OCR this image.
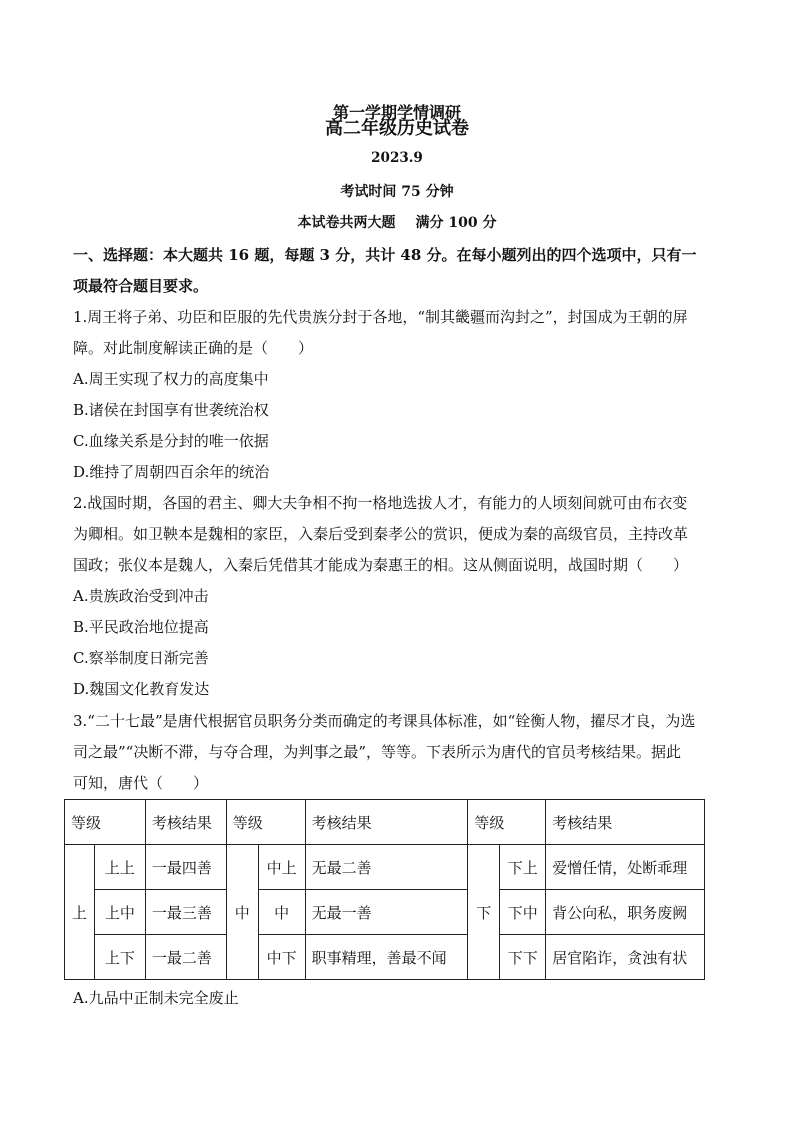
第一学期学情调研
高二年级历史试卷
2023.9
考试时间 75 分钟
本试卷共两大题 满分 100 分
一、选择题：本大题共 16 题，每题 3 分，共计 48 分。在每小题列出的四个选项中，只有一
项最符合题目要求。
1.周王将子弟、功臣和臣服的先代贵族分封于各地，“制其畿疆而沟封之”，封国成为王朝的屏
障。对此制度解读正确的是（　　）
A.周王实现了权力的高度集中
B.诸侯在封国享有世袭统治权
C.血缘关系是分封的唯一依据
D.维持了周朝四百余年的统治
2.战国时期，各国的君主、卿大夫争相不拘一格地选拔人才，有能力的人顷刻间就可由布衣变
为卿相。如卫鞅本是魏相的家臣，入秦后受到秦孝公的赏识，便成为秦的高级官员，主持改革
国政；张仪本是魏人，入秦后凭借其才能成为秦惠王的相。这从侧面说明，战国时期（　　）
A.贵族政治受到冲击
B.平民政治地位提高
C.察举制度日渐完善
D.魏国文化教育发达
3.“二十七最”是唐代根据官员职务分类而确定的考课具体标准，如“铨衡人物，擢尽才良，为选
司之最”“决断不滞，与夺合理，为判事之最”，等等。下表所示为唐代的官员考核结果。据此
可知，唐代（　　）
等级		考核结果	等级		考核结果	等级		考核结果
上	上上	一最四善	中	中上	无最二善	下	下上	爱憎任情，处断乖理
	上中	一最三善		中	无最一善		下中	背公向私，职务废阙
	上下	一最二善		中下	职事精理，善最不闻		下下	居官陷诈，贪浊有状
A.九品中正制未完全废止
